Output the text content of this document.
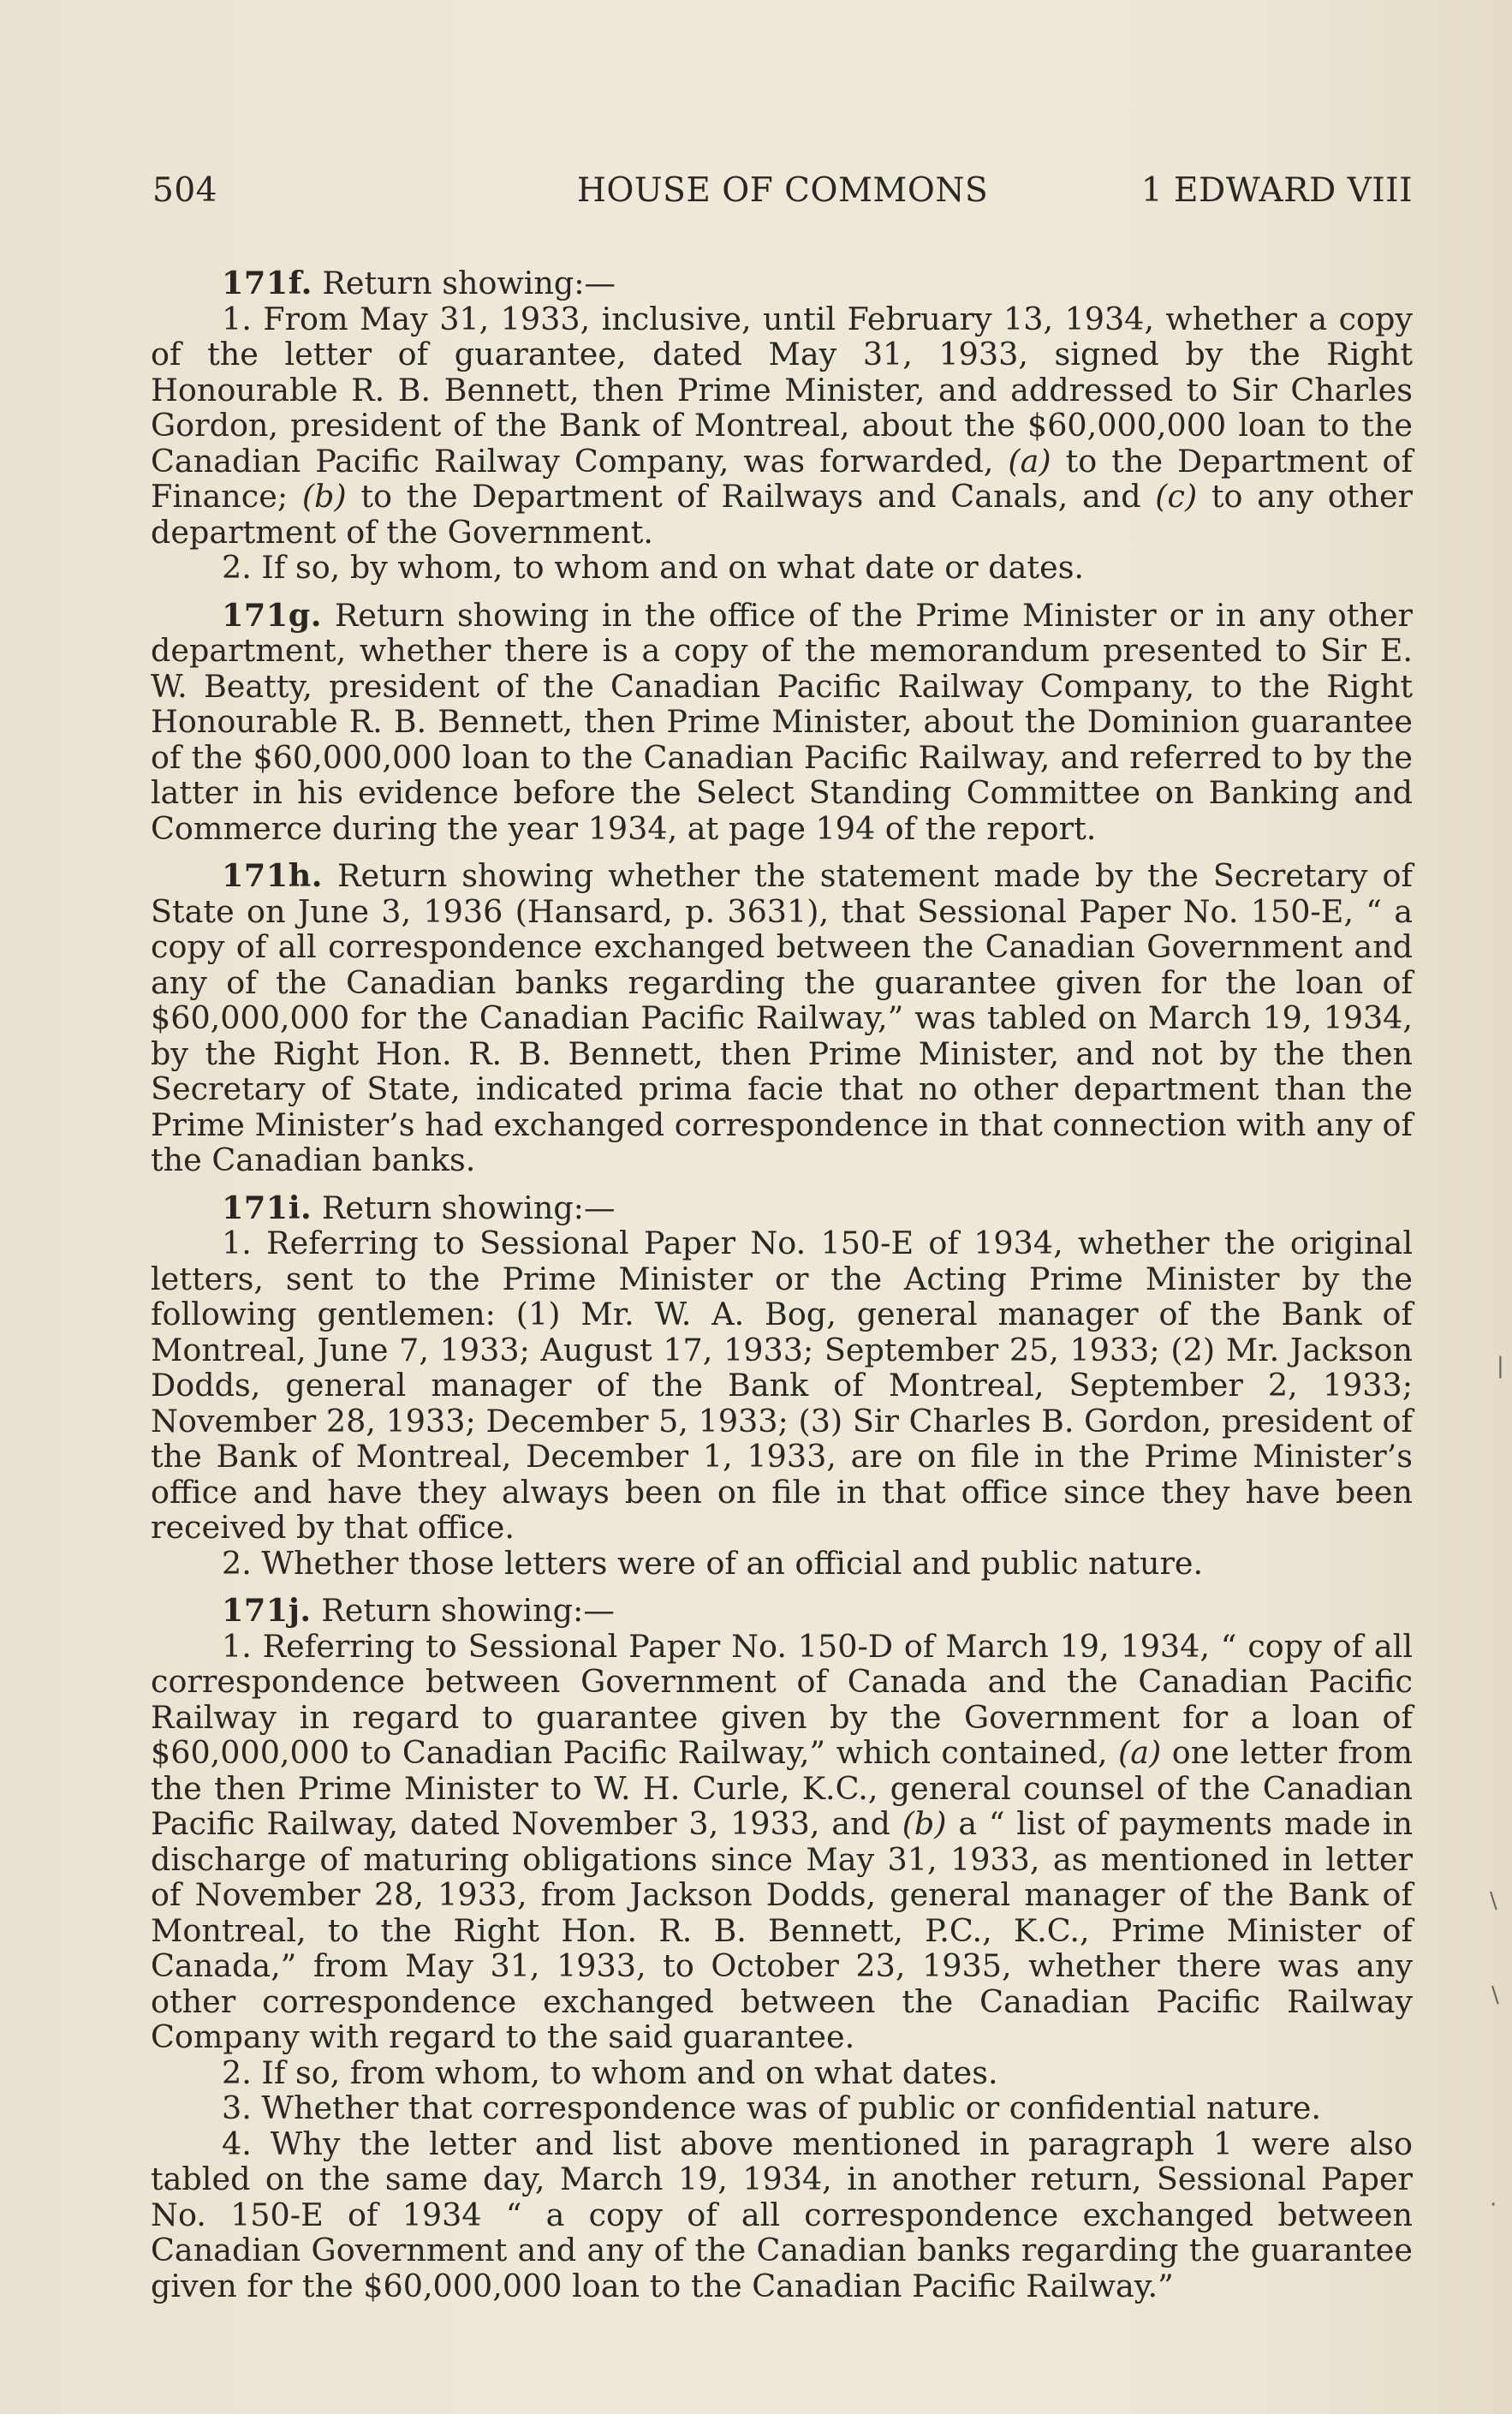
504	HOUSE OF COMMONS	1 EDWARD VIII

171f. Return showing:—

1. From May 31, 1933, inclusive, until February 13, 1934, whether a copy of the letter of guarantee, dated May 31, 1933, signed by the Right Honourable R. B. Bennett, then Prime Minister, and addressed to Sir Charles Gordon, president of the Bank of Montreal, about the $60,000,000 loan to the Canadian Pacific Railway Company, was forwarded, (a) to the Department of Finance; (b) to the Department of Railways and Canals, and (c) to any other department of the Government.

2. If so, by whom, to whom and on what date or dates.

171g. Return showing in the office of the Prime Minister or in any other department, whether there is a copy of the memorandum presented to Sir E. W. Beatty, president of the Canadian Pacific Railway Company, to the Right Honourable R. B. Bennett, then Prime Minister, about the Dominion guarantee of the $60,000,000 loan to the Canadian Pacific Railway, and referred to by the latter in his evidence before the Select Standing Committee on Banking and Commerce during the year 1934, at page 194 of the report.

171h. Return showing whether the statement made by the Secretary of State on June 3, 1936 (Hansard, p. 3631), that Sessional Paper No. 150-E, “ a copy of all correspondence exchanged between the Canadian Government and any of the Canadian banks regarding the guarantee given for the loan of $60,000,000 for the Canadian Pacific Railway,” was tabled on March 19, 1934, by the Right Hon. R. B. Bennett, then Prime Minister, and not by the then Secretary of State, indicated prima facie that no other department than the Prime Minister’s had exchanged correspondence in that connection with any of the Canadian banks.

171i. Return showing:—

1. Referring to Sessional Paper No. 150-E of 1934, whether the original letters, sent to the Prime Minister or the Acting Prime Minister by the following gentlemen: (1) Mr. W. A. Bog, general manager of the Bank of Montreal, June 7, 1933; August 17, 1933; September 25, 1933; (2) Mr. Jackson Dodds, general manager of the Bank of Montreal, September 2, 1933; November 28, 1933; December 5, 1933; (3) Sir Charles B. Gordon, president of the Bank of Montreal, December 1, 1933, are on file in the Prime Minister’s office and have they always been on file in that office since they have been received by that office.

2. Whether those letters were of an official and public nature.

171j. Return showing:—

1. Referring to Sessional Paper No. 150-D of March 19, 1934, “ copy of all correspondence between Government of Canada and the Canadian Pacific Railway in regard to guarantee given by the Government for a loan of $60,000,000 to Canadian Pacific Railway,” which contained, (a) one letter from the then Prime Minister to W. H. Curle, K.C., general counsel of the Canadian Pacific Railway, dated November 3, 1933, and (b) a “ list of payments made in discharge of maturing obligations since May 31, 1933, as mentioned in letter of November 28, 1933, from Jackson Dodds, general manager of the Bank of Montreal, to the Right Hon. R. B. Bennett, P.C., K.C., Prime Minister of Canada,” from May 31, 1933, to October 23, 1935, whether there was any other correspondence exchanged between the Canadian Pacific Railway Company with regard to the said guarantee.

2. If so, from whom, to whom and on what dates.

3. Whether that correspondence was of public or confidential nature.

4. Why the letter and list above mentioned in paragraph 1 were also tabled on the same day, March 19, 1934, in another return, Sessional Paper No. 150-E of 1934 “ a copy of all correspondence exchanged between Canadian Government and any of the Canadian banks regarding the guarantee given for the $60,000,000 loan to the Canadian Pacific Railway.”

|
\
\
·
